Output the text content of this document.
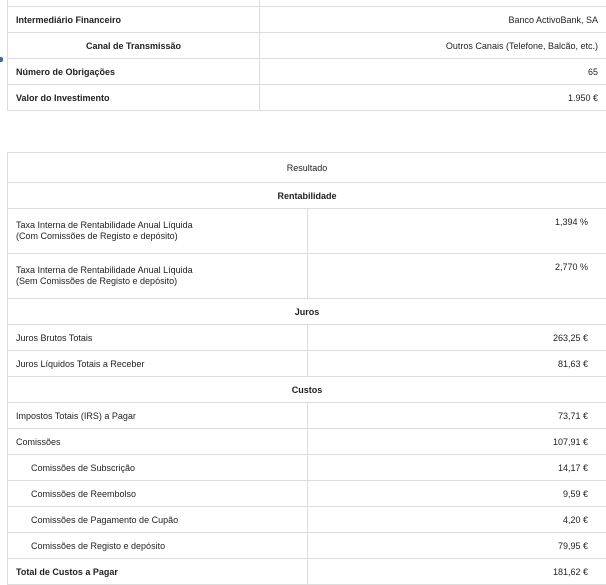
Intermediário Financeiro	Banco ActivoBank, SA
Canal de Transmissão	Outros Canais (Telefone, Balcão, etc.)
Número de Obrigações	65
Valor do Investimento	1.950 €
Resultado	
Rentabilidade	
Taxa Interna de Rentabilidade Anual Líquida
(Com Comissões de Registo e depósito)	1,394 %
Taxa Interna de Rentabilidade Anual Líquida
(Sem Comissões de Registo e depósito)	2,770 %
Juros	
Juros Brutos Totais	263,25 €
Juros Líquidos Totais a Receber	81,63 €
Custos	
Impostos Totais (IRS) a Pagar	73,71 €
Comissões	107,91 €
Comissões de Subscrição	14,17 €
Comissões de Reembolso	9,59 €
Comissões de Pagamento de Cupão	4,20 €
Comissões de Registo e depósito	79,95 €
Total de Custos a Pagar	181,62 €
